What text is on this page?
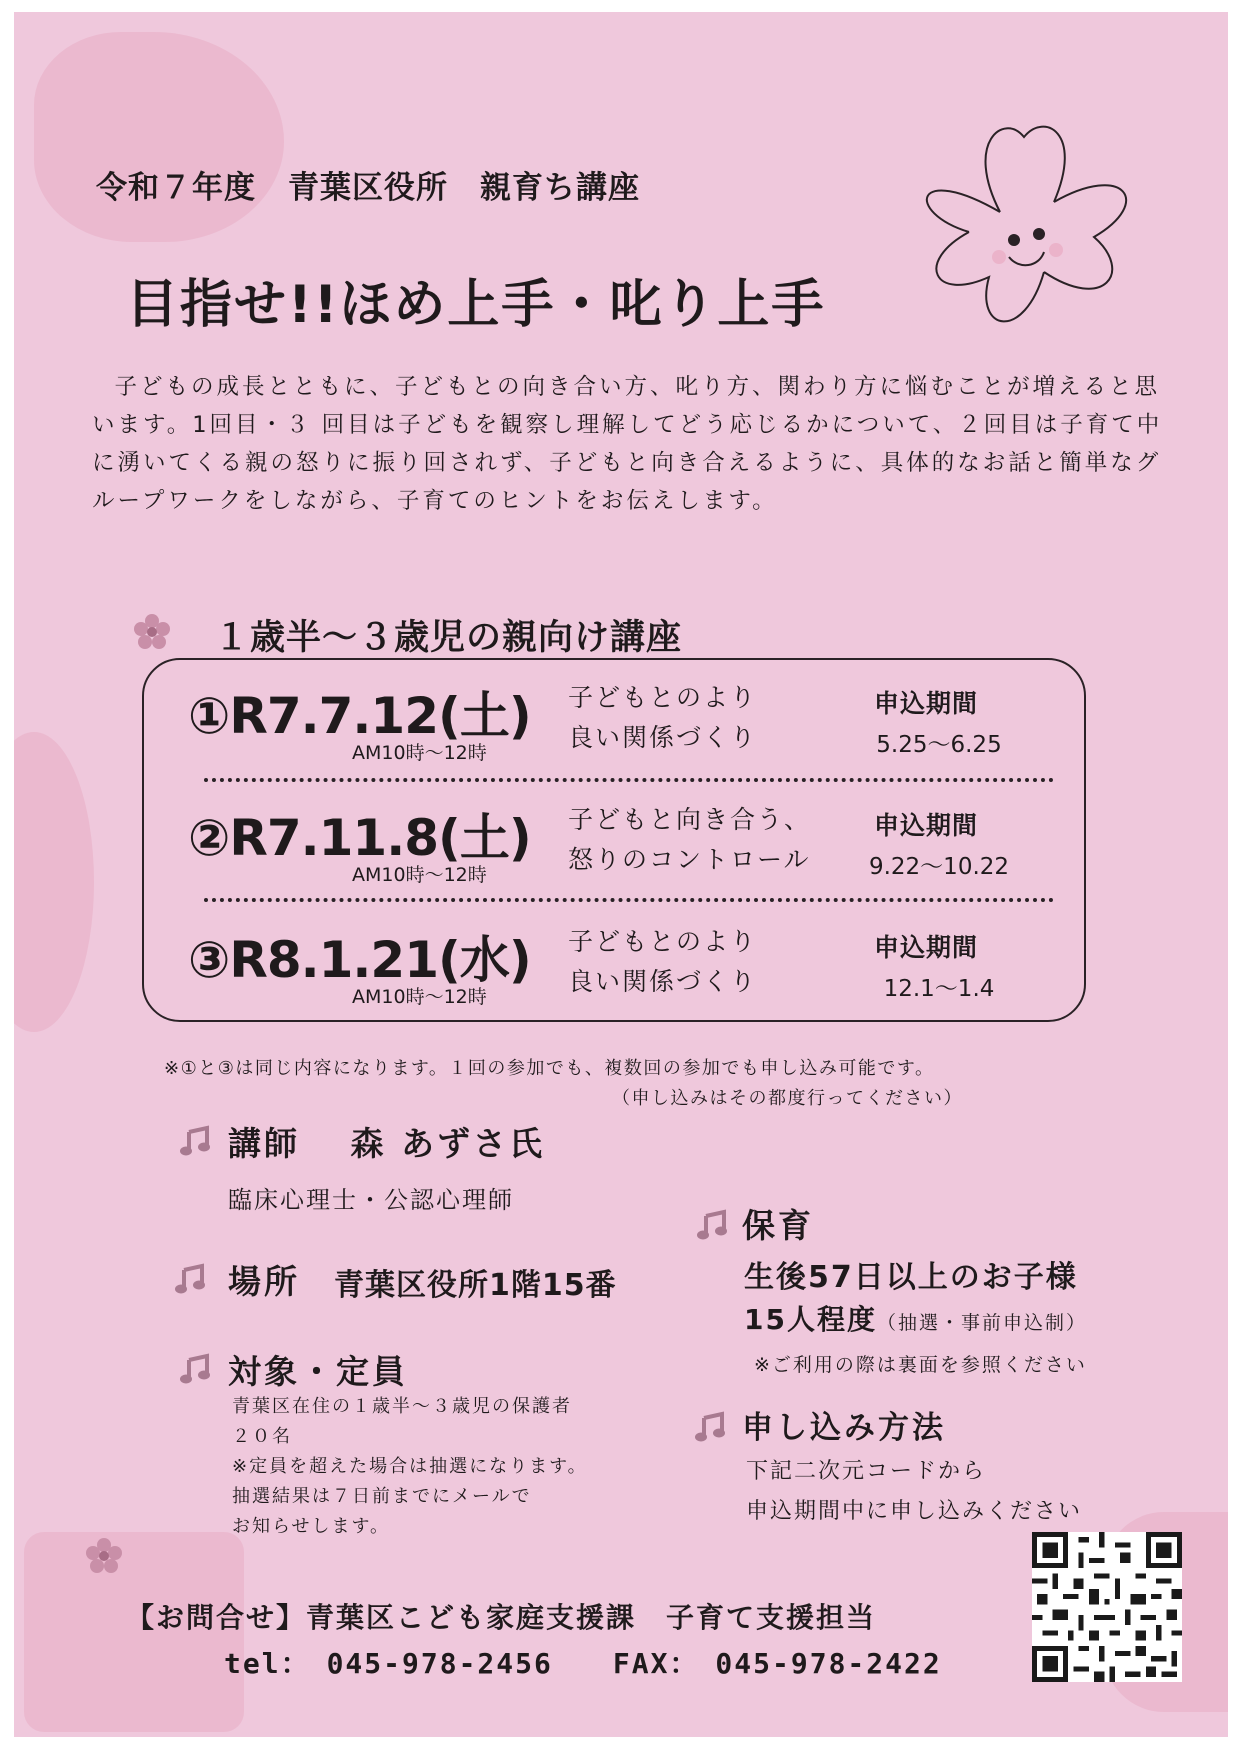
令和７年度　青葉区役所　親育ち講座
目指せ!!ほめ上手・叱り上手

子どもの成長とともに、子どもとの向き合い方、叱り方、関わり方に悩むことが増えると思います。1回目・３ 回目は子どもを観察し理解してどう応じるかについて、２回目は子育て中に湧いてくる親の怒りに振り回されず、子どもと向き合えるように、具体的なお話と簡単なグループワークをしながら、子育てのヒントをお伝えします。

１歳半～３歳児の親向け講座
①R7.7.12(土)
AM10時～12時
子どもとのより
良い関係づくり
申込期間
5.25～6.25
②R7.11.8(土)
AM10時～12時
子どもと向き合う、
怒りのコントロール
申込期間
9.22～10.22
③R8.1.21(水)
AM10時～12時
子どもとのより
良い関係づくり
申込期間
12.1～1.4
※①と③は同じ内容になります。１回の参加でも、複数回の参加でも申し込み可能です。
（申し込みはその都度行ってください）
講師　 森 あずさ氏
臨床心理士・公認心理師
場所 青葉区役所1階15番
対象・定員
青葉区在住の１歳半～３歳児の保護者
２０名
※定員を超えた場合は抽選になります。
抽選結果は７日前までにメールで
お知らせします。
保育
生後57日以上のお子様
15人程度（抽選・事前申込制）
※ご利用の際は裏面を参照ください
申し込み方法
下記二次元コードから
申込期間中に申し込みください
【お問合せ】青葉区こども家庭支援課　子育て支援担当
tel：　045-978-2456　　FAX：　045-978-2422
